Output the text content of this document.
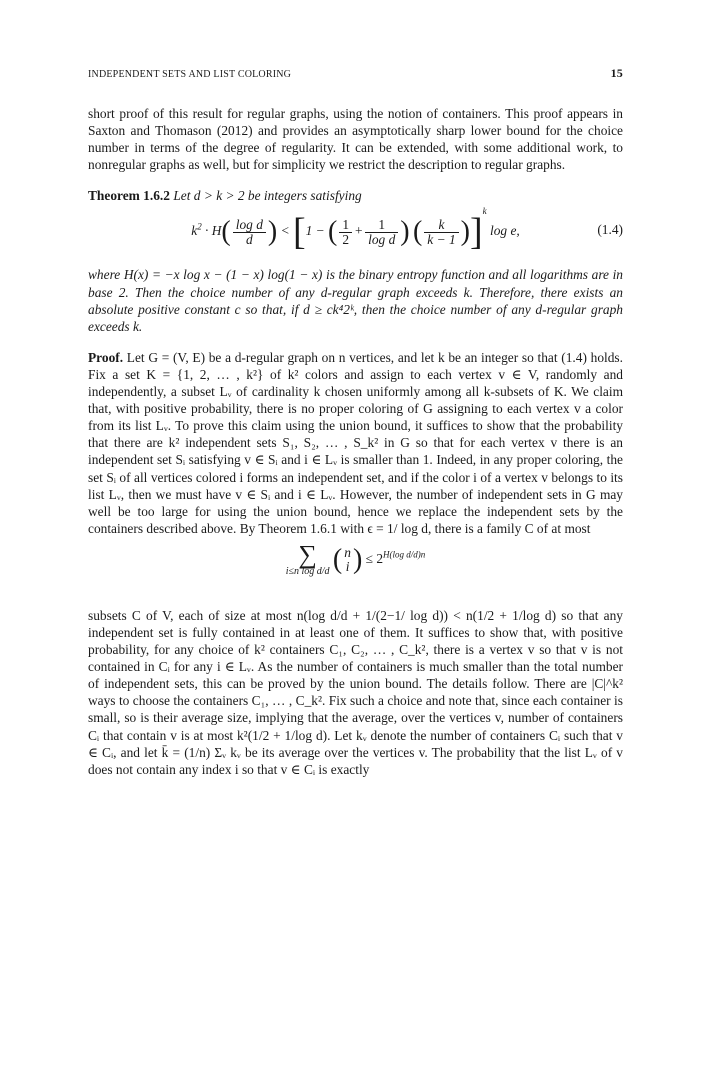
INDEPENDENT SETS AND LIST COLORING	15

short proof of this result for regular graphs, using the notion of containers. This proof appears in Saxton and Thomason (2012) and provides an asymptotically sharp lower bound for the choice number in terms of the degree of regularity. It can be extended, with some additional work, to nonregular graphs as well, but for simplicity we restrict the description to regular graphs.

Theorem 1.6.2 Let d > k > 2 be integers satisfying

$k^2 \cdot H( \frac{\text{log d}}{d}$ ) < [1 − ( $\frac{1}{2} + \frac{1}{\text{log d}}$ ) ( $\frac{k}{k - 1} )]^k$ log e,	(1.4)

where H(x) = −x log x − (1 − x) log(1 − x) is the binary entropy function and all logarithms are in base 2. Then the choice number of any d-regular graph exceeds k. Therefore, there exists an absolute positive constant c so that, if d ≥ ck⁴2ᵏ, then the choice number of any d-regular graph exceeds k.

Proof. Let G = (V, E) be a d-regular graph on n vertices, and let k be an integer so that (1.4) holds. Fix a set K = {1, 2, … , k²} of k² colors and assign to each vertex v ∈ V, randomly and independently, a subset Lᵥ of cardinality k chosen uniformly among all k-subsets of K. We claim that, with positive probability, there is no proper coloring of G assigning to each vertex v a color from its list Lᵥ. To prove this claim using the union bound, it suffices to show that the probability that there are k² independent sets S₁, S₂, … , S_k² in G so that for each vertex v there is an independent set Sᵢ satisfying v ∈ Sᵢ and i ∈ Lᵥ is smaller than 1. Indeed, in any proper coloring, the set Sᵢ of all vertices colored i forms an independent set, and if the color i of a vertex v belongs to its list Lᵥ, then we must have v ∈ Sᵢ and i ∈ Lᵥ. However, the number of independent sets in G may well be too large for using the union bound, hence we replace the independent sets by the containers described above. By Theorem 1.6.1 with ϵ = 1/ log d, there is a family C of at most

∑
i≤n log d/d ( n
i ) ≤ $2^{H(log d/d)n}$

subsets C of V, each of size at most n(log d/d + 1/(2−1/ log d)) < n(1/2 + 1/log d) so that any independent set is fully contained in at least one of them. It suffices to show that, with positive probability, for any choice of k² containers C₁, C₂, … , C_k², there is a vertex v so that v is not contained in Cᵢ for any i ∈ Lᵥ. As the number of containers is much smaller than the total number of independent sets, this can be proved by the union bound. The details follow. There are |C|^k² ways to choose the containers C₁, … , C_k². Fix such a choice and note that, since each container is small, so is their average size, implying that the average, over the vertices v, number of containers Cᵢ that contain v is at most k²(1/2 + 1/log d). Let kᵥ denote the number of containers Cᵢ such that v ∈ Cᵢ, and let k̄ = (1/n) Σᵥ kᵥ be its average over the vertices v. The probability that the list Lᵥ of v does not contain any index i so that v ∈ Cᵢ is exactly
